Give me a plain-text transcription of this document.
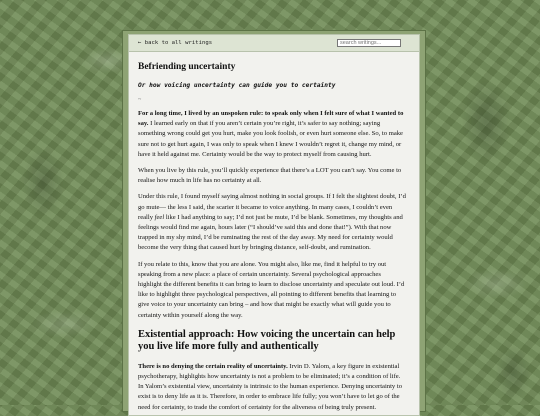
← back to all writings
search writings...
Befriending uncertainty
Or how voicing uncertainty can guide you to certainty
~

For a long time, I lived by an unspoken rule: to speak only when I felt sure of what I wanted to say. I learned early on that if you aren’t certain you’re right, it’s safer to say nothing; saying something wrong could get you hurt, make you look foolish, or even hurt someone else. So, to make sure not to get hurt again, I was only to speak when I knew I wouldn’t regret it, change my mind, or have it held against me. Certainty would be the way to protect myself from causing hurt.

When you live by this rule, you’ll quickly experience that there’s a LOT you can’t say. You come to realise how much in life has no certainty at all.

Under this rule, I found myself saying almost nothing in social groups. If I felt the slightest doubt, I’d go mute— the less I said, the scarier it became to voice anything. In many cases, I couldn’t even really feel like I had anything to say; I’d not just be mute, I’d be blank. Sometimes, my thoughts and feelings would find me again, hours later (“I should’ve said this and done that!”). With that now trapped in my shy mind, I’d be ruminating the rest of the day away. My need for certainty would become the very thing that caused hurt by bringing distance, self-doubt, and rumination.

If you relate to this, know that you are alone. You might also, like me, find it helpful to try out speaking from a new place: a place of certain uncertainty. Several psychological approaches highlight the different benefits it can bring to learn to disclose uncertainty and speculate out loud. I’d like to highlight three psychological perspectives, all pointing to different benefits that learning to give voice to your uncertainty can bring – and how that might be exactly what will guide you to certainty within yourself along the way.

Existential approach: How voicing the uncertain can help you live life more fully and authentically

There is no denying the certain reality of uncertainty. Irvin D. Yalom, a key figure in existential psychotherapy, highlights how uncertainty is not a problem to be eliminated; it’s a condition of life. In Yalom’s existential view, uncertainty is intrinsic to the human experience. Denying uncertainty to exist is to deny life as it is. Therefore, in order to embrace life fully; you won’t have to let go of the need for certainty, to trade the comfort of certainty for the aliveness of being truly present.
